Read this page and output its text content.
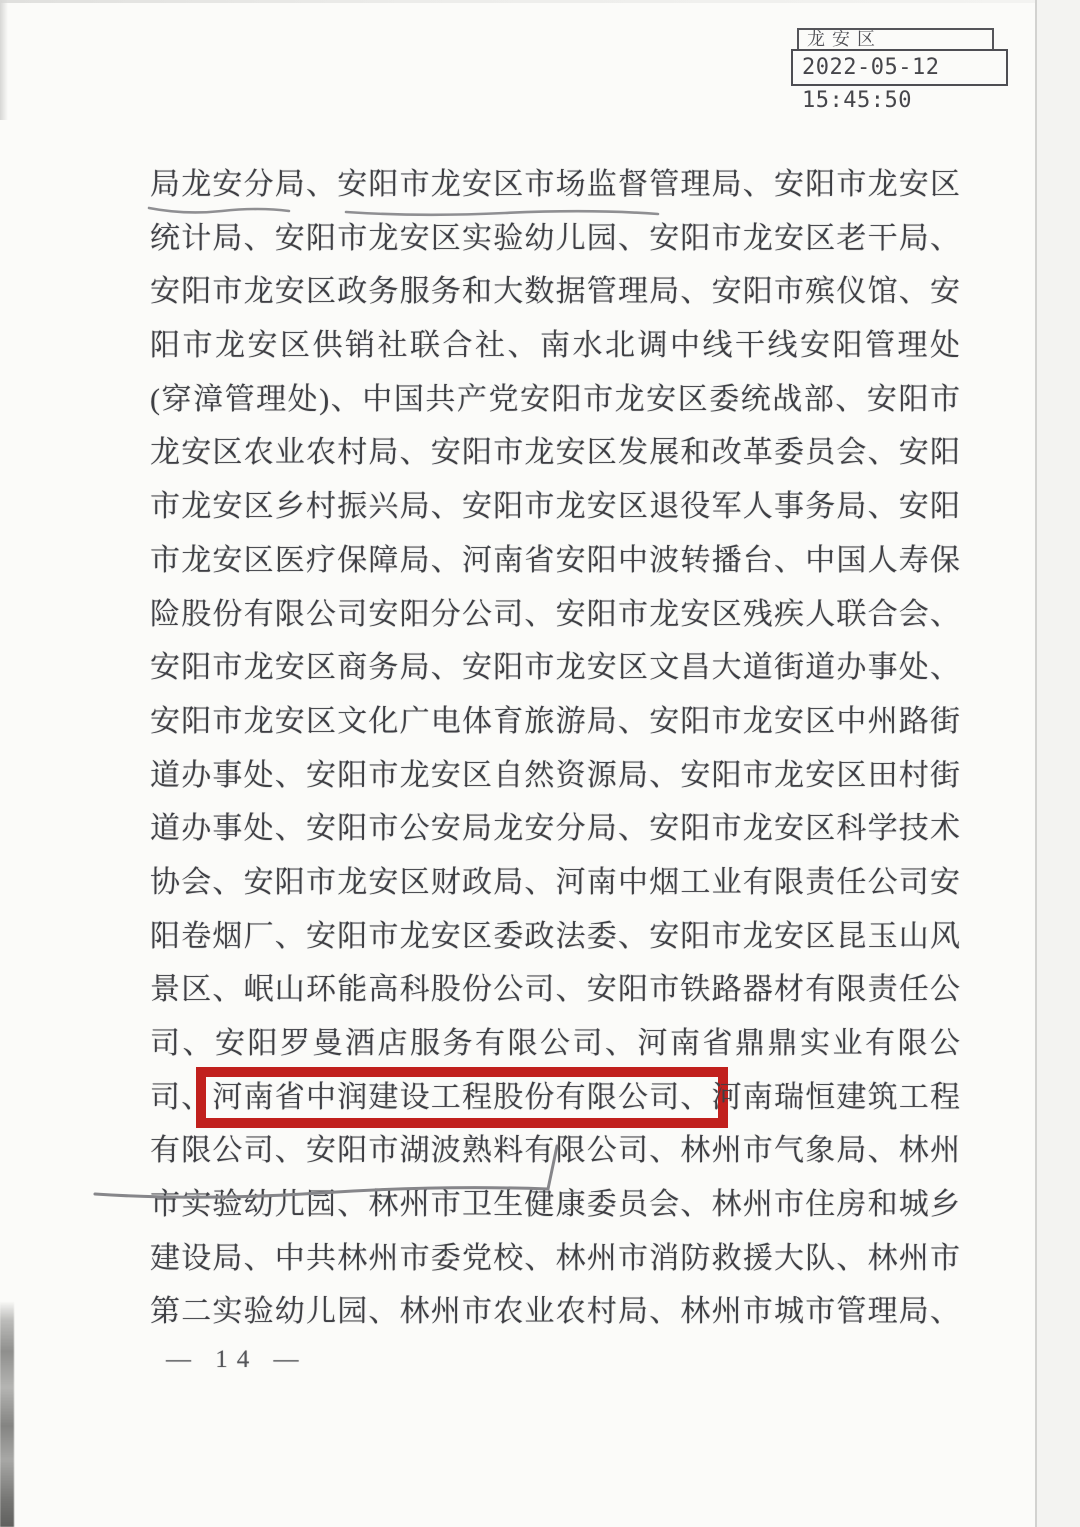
龙安区
2022-05-12 15:45:50
局龙安分局、安阳市龙安区市场监督管理局、安阳市龙安区
统计局、安阳市龙安区实验幼儿园、安阳市龙安区老干局、
安阳市龙安区政务服务和大数据管理局、安阳市殡仪馆、安
阳市龙安区供销社联合社、南水北调中线干线安阳管理处
(穿漳管理处)、中国共产党安阳市龙安区委统战部、安阳市
龙安区农业农村局、安阳市龙安区发展和改革委员会、安阳
市龙安区乡村振兴局、安阳市龙安区退役军人事务局、安阳
市龙安区医疗保障局、河南省安阳中波转播台、中国人寿保
险股份有限公司安阳分公司、安阳市龙安区残疾人联合会、
安阳市龙安区商务局、安阳市龙安区文昌大道街道办事处、
安阳市龙安区文化广电体育旅游局、安阳市龙安区中州路街
道办事处、安阳市龙安区自然资源局、安阳市龙安区田村街
道办事处、安阳市公安局龙安分局、安阳市龙安区科学技术
协会、安阳市龙安区财政局、河南中烟工业有限责任公司安
阳卷烟厂、安阳市龙安区委政法委、安阳市龙安区昆玉山风
景区、岷山环能高科股份公司、安阳市铁路器材有限责任公
司、安阳罗曼酒店服务有限公司、河南省鼎鼎实业有限公
司、河南省中润建设工程股份有限公司、河南瑞恒建筑工程
有限公司、安阳市湖波熟料有限公司、林州市气象局、林州
市实验幼儿园、林州市卫生健康委员会、林州市住房和城乡
建设局、中共林州市委党校、林州市消防救援大队、林州市
第二实验幼儿园、林州市农业农村局、林州市城市管理局、
— 14 —
